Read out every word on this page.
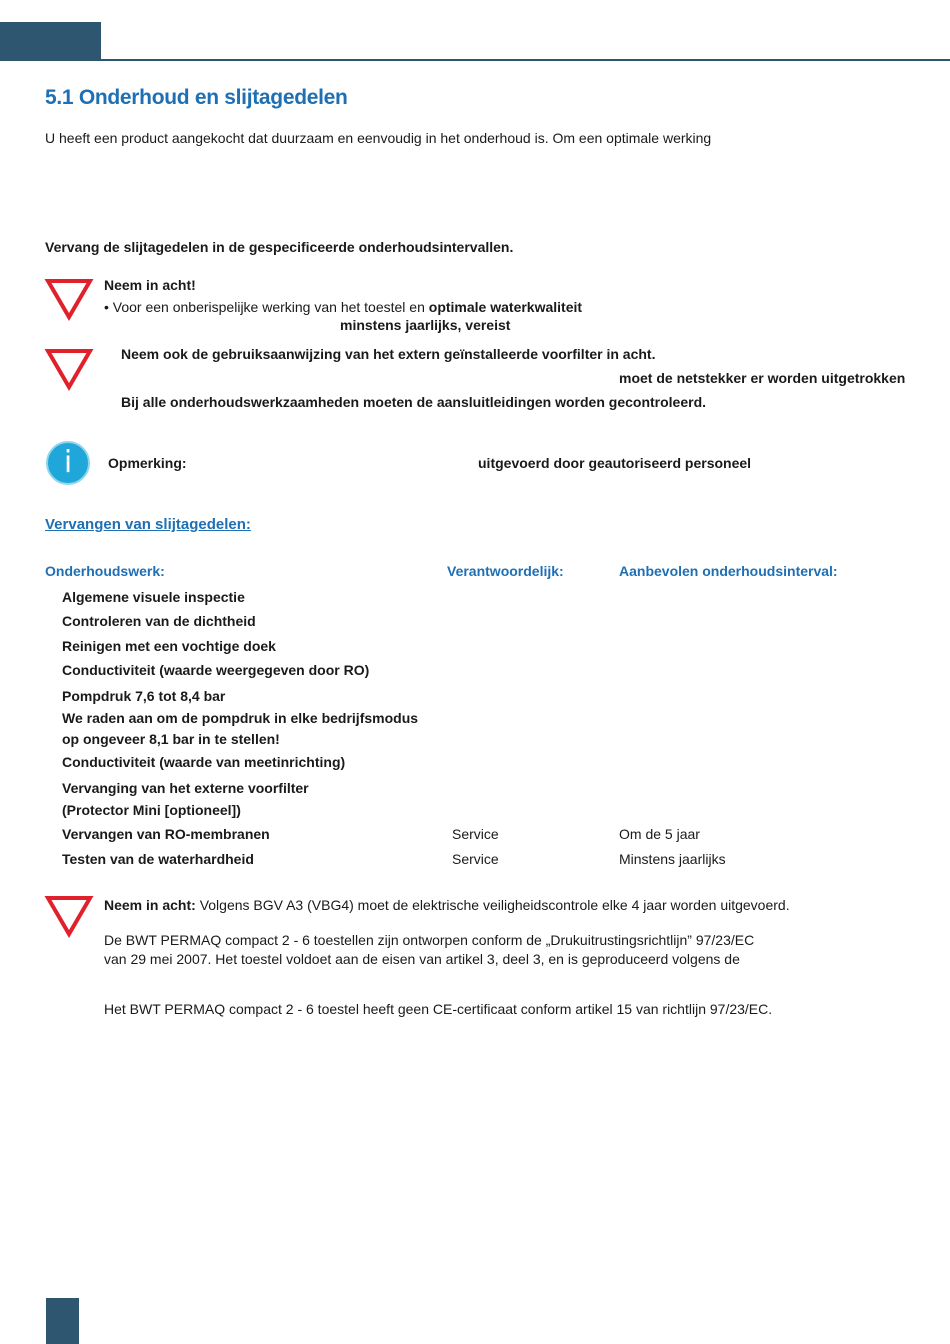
5.1 Onderhoud en slijtagedelen
U heeft een product aangekocht dat duurzaam en eenvoudig in het onderhoud is. Om een optimale werking
Vervang de slijtagedelen in de gespecificeerde onderhoudsintervallen.
Neem in acht!
• Voor een onberispelijke werking van het toestel en optimale waterkwaliteit
minstens jaarlijks, vereist
Neem ook de gebruiksaanwijzing van het extern geïnstalleerde voorfilter in acht.
moet de netstekker er worden uitgetrokken
Bij alle onderhoudswerkzaamheden moeten de aansluitleidingen worden gecontroleerd.
i	Opmerking:	uitgevoerd door geautoriseerd personeel
Vervangen van slijtagedelen:
Onderhoudswerk:	Verantwoordelijk:	Aanbevolen onderhoudsinterval:
Algemene visuele inspectie
Controleren van de dichtheid
Reinigen met een vochtige doek
Conductiviteit (waarde weergegeven door RO)
Pompdruk 7,6 tot 8,4 bar
We raden aan om de pompdruk in elke bedrijfsmodus
op ongeveer 8,1 bar in te stellen!
Conductiviteit (waarde van meetinrichting)
Vervanging van het externe voorfilter
(Protector Mini [optioneel])
Vervangen van RO-membranen	Service	Om de 5 jaar
Testen van de waterhardheid	Service	Minstens jaarlijks
Neem in acht: Volgens BGV A3 (VBG4) moet de elektrische veiligheidscontrole elke 4 jaar worden uitgevoerd.
De BWT PERMAQ compact 2 - 6 toestellen zijn ontworpen conform de „Drukuitrustingsrichtlijn” 97/23/EC
van 29 mei 2007. Het toestel voldoet aan de eisen van artikel 3, deel 3, en is geproduceerd volgens de
Het BWT PERMAQ compact 2 - 6 toestel heeft geen CE-certificaat conform artikel 15 van richtlijn 97/23/EC.
